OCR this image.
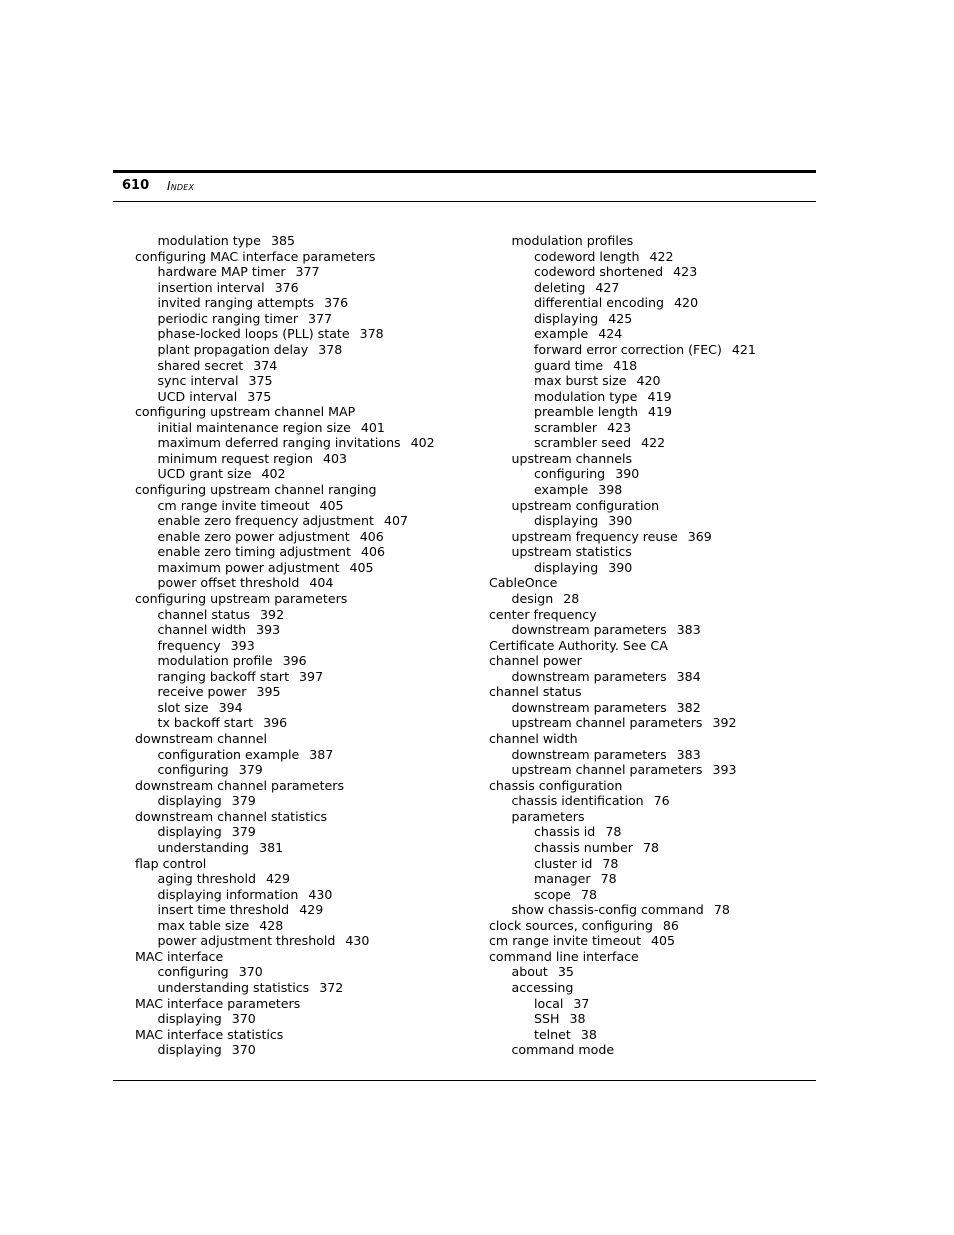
610 Index
modulation type 385
configuring MAC interface parameters
hardware MAP timer 377
insertion interval 376
invited ranging attempts 376
periodic ranging timer 377
phase-locked loops (PLL) state 378
plant propagation delay 378
shared secret 374
sync interval 375
UCD interval 375
configuring upstream channel MAP
initial maintenance region size 401
maximum deferred ranging invitations 402
minimum request region 403
UCD grant size 402
configuring upstream channel ranging
cm range invite timeout 405
enable zero frequency adjustment 407
enable zero power adjustment 406
enable zero timing adjustment 406
maximum power adjustment 405
power offset threshold 404
configuring upstream parameters
channel status 392
channel width 393
frequency 393
modulation profile 396
ranging backoff start 397
receive power 395
slot size 394
tx backoff start 396
downstream channel
configuration example 387
configuring 379
downstream channel parameters
displaying 379
downstream channel statistics
displaying 379
understanding 381
flap control
aging threshold 429
displaying information 430
insert time threshold 429
max table size 428
power adjustment threshold 430
MAC interface
configuring 370
understanding statistics 372
MAC interface parameters
displaying 370
MAC interface statistics
displaying 370
modulation profiles
codeword length 422
codeword shortened 423
deleting 427
differential encoding 420
displaying 425
example 424
forward error correction (FEC) 421
guard time 418
max burst size 420
modulation type 419
preamble length 419
scrambler 423
scrambler seed 422
upstream channels
configuring 390
example 398
upstream configuration
displaying 390
upstream frequency reuse 369
upstream statistics
displaying 390
CableOnce
design 28
center frequency
downstream parameters 383
Certificate Authority. See CA
channel power
downstream parameters 384
channel status
downstream parameters 382
upstream channel parameters 392
channel width
downstream parameters 383
upstream channel parameters 393
chassis configuration
chassis identification 76
parameters
chassis id 78
chassis number 78
cluster id 78
manager 78
scope 78
show chassis-config command 78
clock sources, configuring 86
cm range invite timeout 405
command line interface
about 35
accessing
local 37
SSH 38
telnet 38
command mode
